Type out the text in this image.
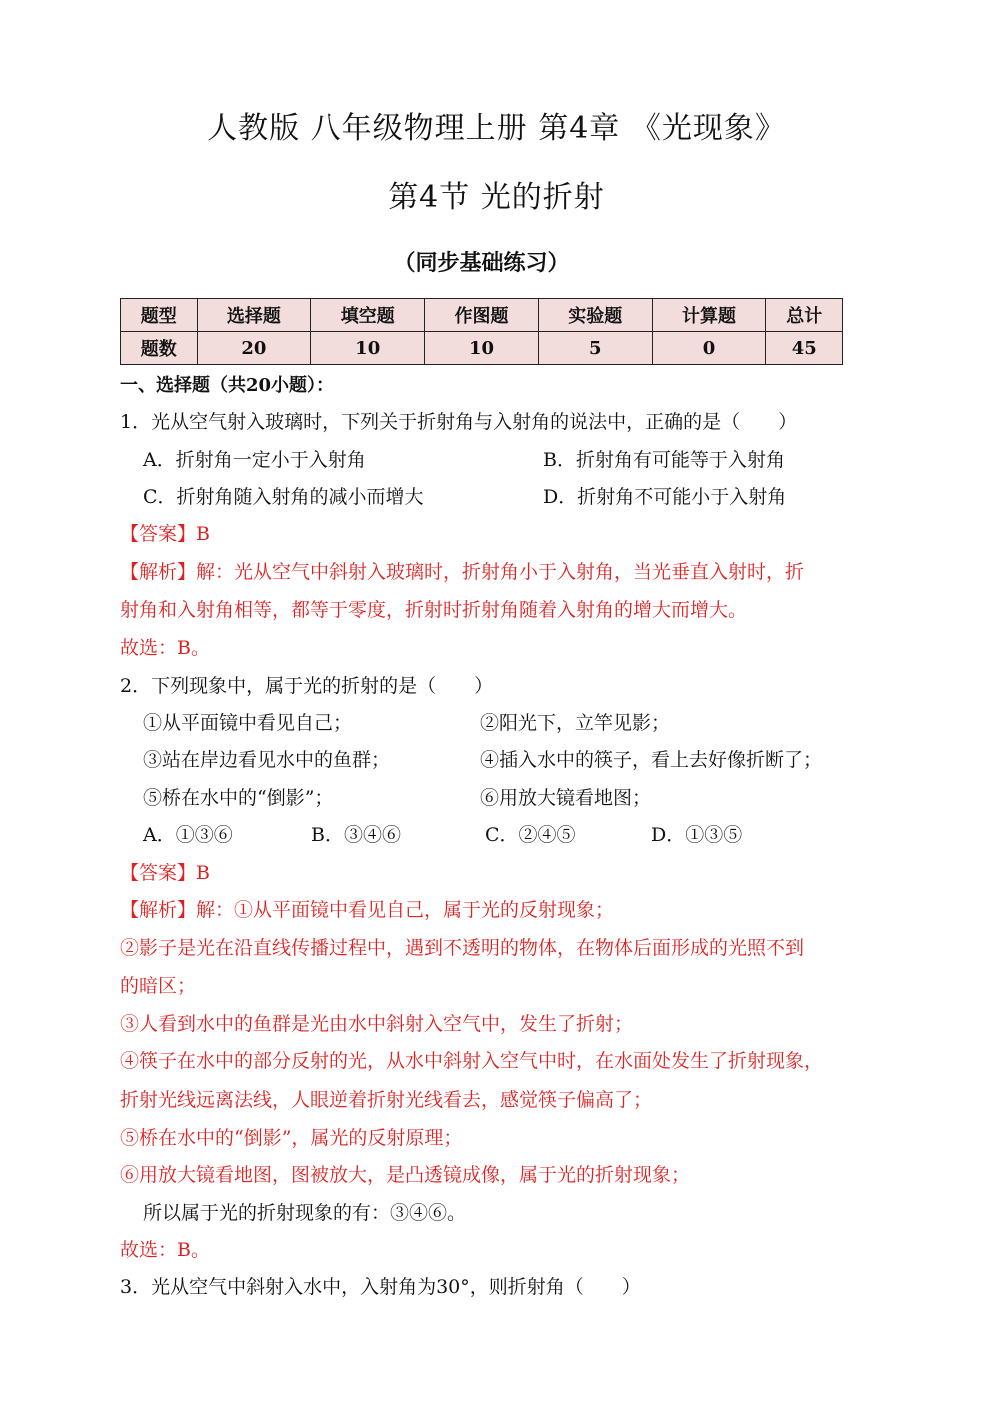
人教版 八年级物理上册 第4章 《光现象》
第4节 光的折射
（同步基础练习）
题型	选择题	填空题	作图题	实验题	计算题	总计
题数	20	10	10	5	0	45
一、选择题（共20小题）：
1．光从空气射入玻璃时，下列关于折射角与入射角的说法中，正确的是（　　）
A．折射角一定小于入射角	B．折射角有可能等于入射角
C．折射角随入射角的减小而增大	D．折射角不可能小于入射角
【答案】B
【解析】解：光从空气中斜射入玻璃时，折射角小于入射角，当光垂直入射时，折
射角和入射角相等，都等于零度，折射时折射角随着入射角的增大而增大。
故选：B。
2．下列现象中，属于光的折射的是（　　）
①从平面镜中看见自己；	②阳光下，立竿见影；
③站在岸边看见水中的鱼群；	④插入水中的筷子，看上去好像折断了；
⑤桥在水中的“倒影”；	⑥用放大镜看地图；
A．①③⑥	B．③④⑥	C．②④⑤	D．①③⑤
【答案】B
【解析】解：①从平面镜中看见自己，属于光的反射现象；
②影子是光在沿直线传播过程中，遇到不透明的物体，在物体后面形成的光照不到
的暗区；
③人看到水中的鱼群是光由水中斜射入空气中，发生了折射；
④筷子在水中的部分反射的光，从水中斜射入空气中时，在水面处发生了折射现象，
折射光线远离法线，人眼逆着折射光线看去，感觉筷子偏高了；
⑤桥在水中的“倒影”，属光的反射原理；
⑥用放大镜看地图，图被放大，是凸透镜成像，属于光的折射现象；
所以属于光的折射现象的有：③④⑥。
故选：B。
3．光从空气中斜射入水中，入射角为30°，则折射角（　　）
